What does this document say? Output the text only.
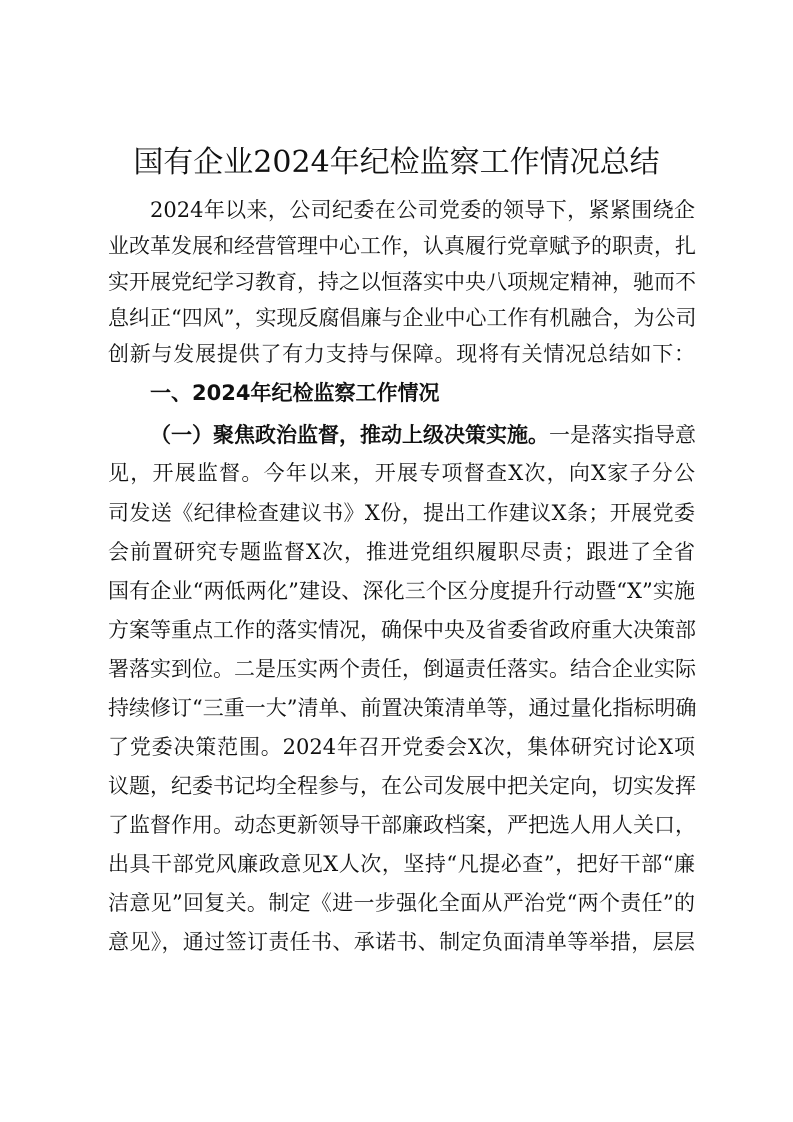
国有企业2024年纪检监察工作情况总结
2024年以来，公司纪委在公司党委的领导下，紧紧围绕企
业改革发展和经营管理中心工作，认真履行党章赋予的职责，扎
实开展党纪学习教育，持之以恒落实中央八项规定精神，驰而不
息纠正“四风”，实现反腐倡廉与企业中心工作有机融合，为公司
创新与发展提供了有力支持与保障。现将有关情况总结如下：
一、2024年纪检监察工作情况
（一）聚焦政治监督，推动上级决策实施。一是落实指导意
见，开展监督。今年以来，开展专项督查X次，向X家子分公
司发送《纪律检查建议书》X份，提出工作建议X条；开展党委
会前置研究专题监督X次，推进党组织履职尽责；跟进了全省
国有企业“两低两化”建设、深化三个区分度提升行动暨“X”实施
方案等重点工作的落实情况，确保中央及省委省政府重大决策部
署落实到位。二是压实两个责任，倒逼责任落实。结合企业实际
持续修订“三重一大”清单、前置决策清单等，通过量化指标明确
了党委决策范围。2024年召开党委会X次，集体研究讨论X项
议题，纪委书记均全程参与，在公司发展中把关定向，切实发挥
了监督作用。动态更新领导干部廉政档案，严把选人用人关口，
出具干部党风廉政意见X人次，坚持“凡提必查”，把好干部“廉
洁意见”回复关。制定《进一步强化全面从严治党“两个责任”的
意见》，通过签订责任书、承诺书、制定负面清单等举措，层层
